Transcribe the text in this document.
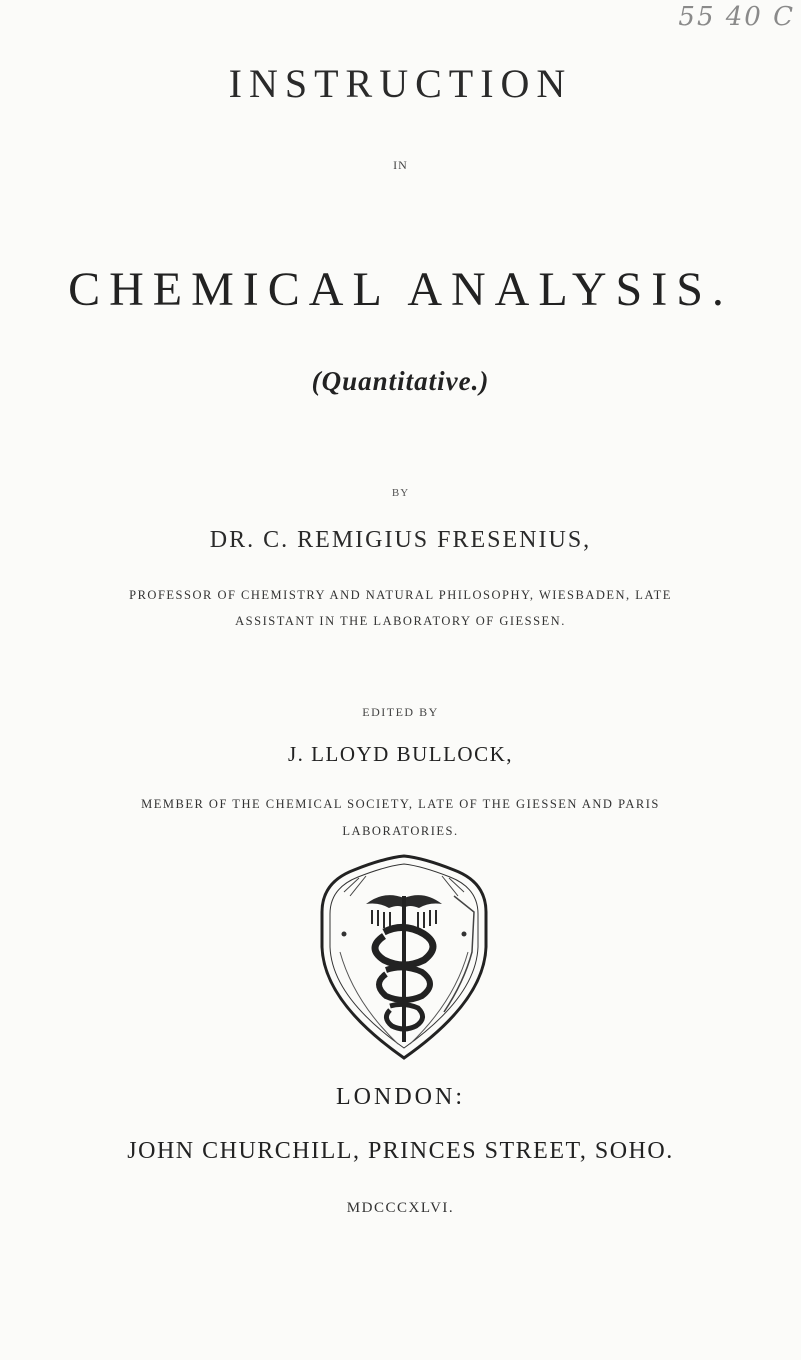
55 40 C
INSTRUCTION
IN
CHEMICAL ANALYSIS.
(Quantitative.)
BY
DR. C. REMIGIUS FRESENIUS,
PROFESSOR OF CHEMISTRY AND NATURAL PHILOSOPHY, WIESBADEN, LATE
ASSISTANT IN THE LABORATORY OF GIESSEN.
EDITED BY
J. LLOYD BULLOCK,
MEMBER OF THE CHEMICAL SOCIETY, LATE OF THE GIESSEN AND PARIS
LABORATORIES.
LONDON:
JOHN CHURCHILL, PRINCES STREET, SOHO.
MDCCCXLVI.
